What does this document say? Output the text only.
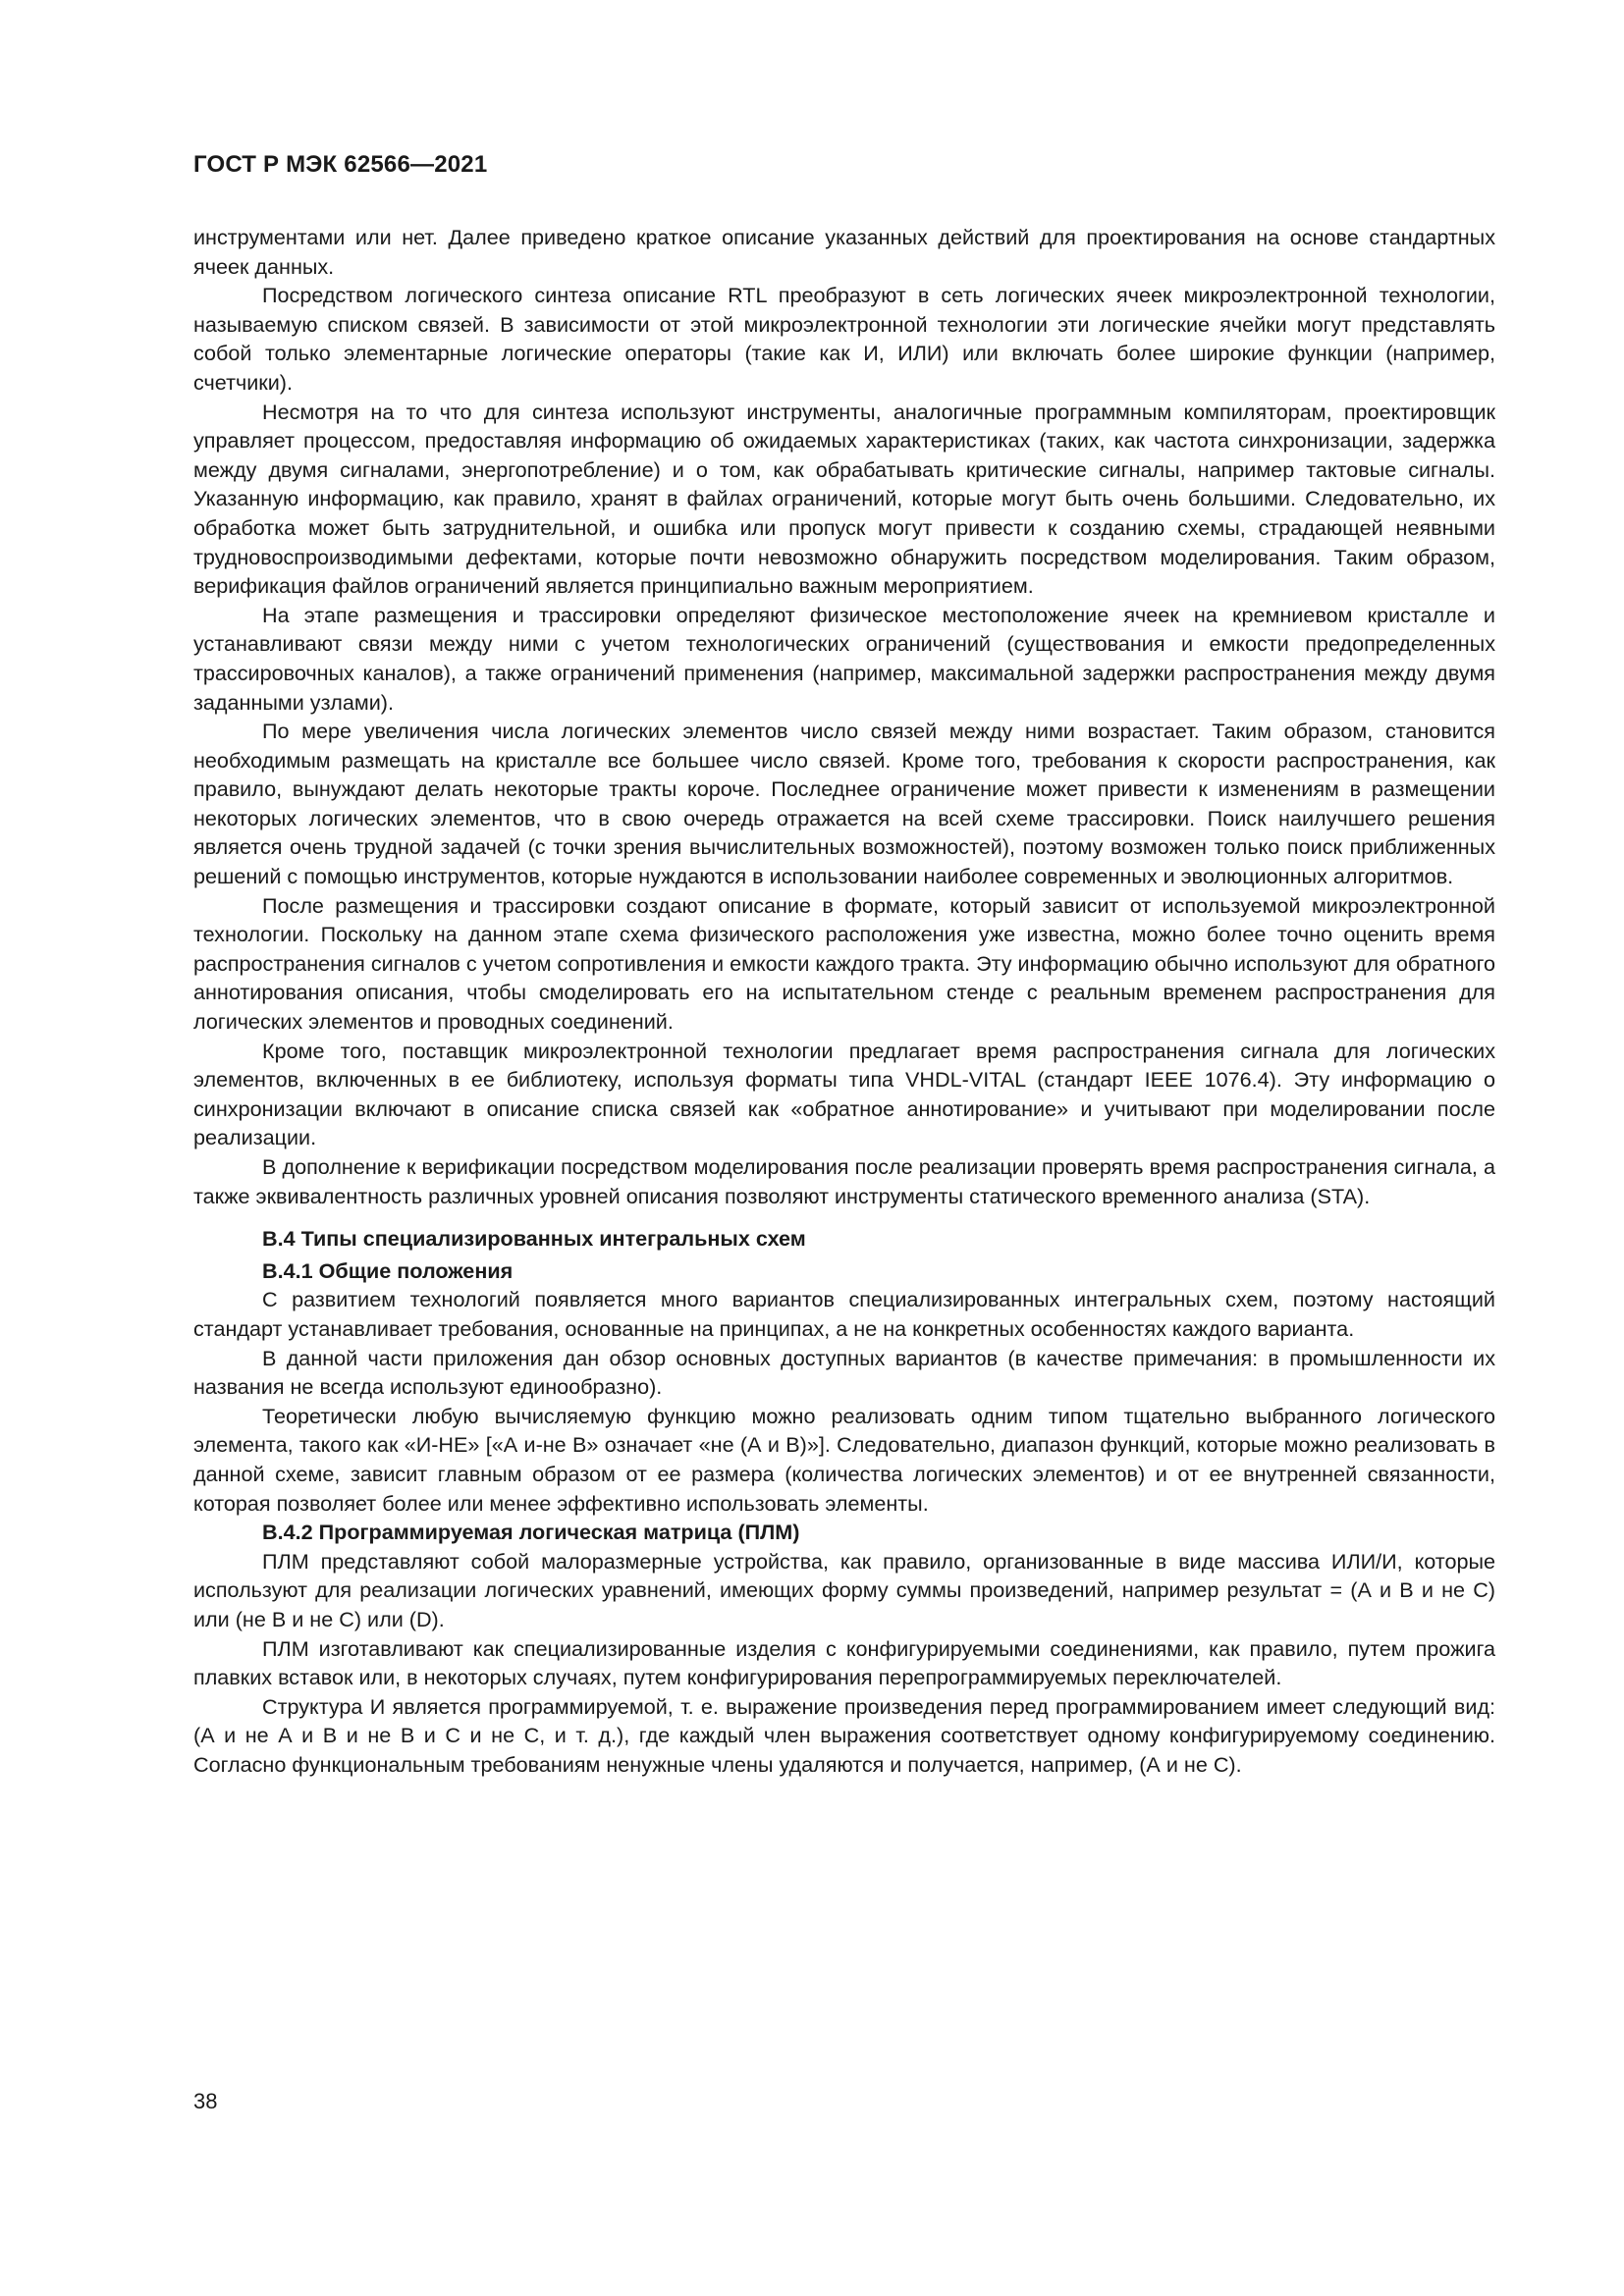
ГОСТ Р МЭК 62566—2021

инструментами или нет. Далее приведено краткое описание указанных действий для проектирования на основе стандартных ячеек данных.

Посредством логического синтеза описание RTL преобразуют в сеть логических ячеек микроэлектронной технологии, называемую списком связей. В зависимости от этой микроэлектронной технологии эти логические ячейки могут представлять собой только элементарные логические операторы (такие как И, ИЛИ) или включать более широкие функции (например, счетчики).

Несмотря на то что для синтеза используют инструменты, аналогичные программным компиляторам, проектировщик управляет процессом, предоставляя информацию об ожидаемых характеристиках (таких, как частота синхронизации, задержка между двумя сигналами, энергопотребление) и о том, как обрабатывать критические сигналы, например тактовые сигналы. Указанную информацию, как правило, хранят в файлах ограничений, которые могут быть очень большими. Следовательно, их обработка может быть затруднительной, и ошибка или пропуск могут привести к созданию схемы, страдающей неявными трудновоспроизводимыми дефектами, которые почти невозможно обнаружить посредством моделирования. Таким образом, верификация файлов ограничений является принципиально важным мероприятием.

На этапе размещения и трассировки определяют физическое местоположение ячеек на кремниевом кристалле и устанавливают связи между ними с учетом технологических ограничений (существования и емкости предопределенных трассировочных каналов), а также ограничений применения (например, максимальной задержки распространения между двумя заданными узлами).

По мере увеличения числа логических элементов число связей между ними возрастает. Таким образом, становится необходимым размещать на кристалле все большее число связей. Кроме того, требования к скорости распространения, как правило, вынуждают делать некоторые тракты короче. Последнее ограничение может привести к изменениям в размещении некоторых логических элементов, что в свою очередь отражается на всей схеме трассировки. Поиск наилучшего решения является очень трудной задачей (с точки зрения вычислительных возможностей), поэтому возможен только поиск приближенных решений с помощью инструментов, которые нуждаются в использовании наиболее современных и эволюционных алгоритмов.

После размещения и трассировки создают описание в формате, который зависит от используемой микроэлектронной технологии. Поскольку на данном этапе схема физического расположения уже известна, можно более точно оценить время распространения сигналов с учетом сопротивления и емкости каждого тракта. Эту информацию обычно используют для обратного аннотирования описания, чтобы смоделировать его на испытательном стенде с реальным временем распространения для логических элементов и проводных соединений.

Кроме того, поставщик микроэлектронной технологии предлагает время распространения сигнала для логических элементов, включенных в ее библиотеку, используя форматы типа VHDL-VITAL (стандарт IEEE 1076.4). Эту информацию о синхронизации включают в описание списка связей как «обратное аннотирование» и учитывают при моделировании после реализации.

В дополнение к верификации посредством моделирования после реализации проверять время распространения сигнала, а также эквивалентность различных уровней описания позволяют инструменты статического временного анализа (STA).

В.4 Типы специализированных интегральных схем
В.4.1 Общие положения

С развитием технологий появляется много вариантов специализированных интегральных схем, поэтому настоящий стандарт устанавливает требования, основанные на принципах, а не на конкретных особенностях каждого варианта.

В данной части приложения дан обзор основных доступных вариантов (в качестве примечания: в промышленности их названия не всегда используют единообразно).

Теоретически любую вычисляемую функцию можно реализовать одним типом тщательно выбранного логического элемента, такого как «И-НЕ» [«А и-не В» означает «не (А и В)»]. Следовательно, диапазон функций, которые можно реализовать в данной схеме, зависит главным образом от ее размера (количества логических элементов) и от ее внутренней связанности, которая позволяет более или менее эффективно использовать элементы.

В.4.2 Программируемая логическая матрица (ПЛМ)

ПЛМ представляют собой малоразмерные устройства, как правило, организованные в виде массива ИЛИ/И, которые используют для реализации логических уравнений, имеющих форму суммы произведений, например результат = (А и В и не С) или (не В и не С) или (D).

ПЛМ изготавливают как специализированные изделия с конфигурируемыми соединениями, как правило, путем прожига плавких вставок или, в некоторых случаях, путем конфигурирования перепрограммируемых переключателей.

Структура И является программируемой, т. е. выражение произведения перед программированием имеет следующий вид: (А и не А и В и не В и С и не С, и т. д.), где каждый член выражения соответствует одному конфигурируемому соединению. Согласно функциональным требованиям ненужные члены удаляются и получается, например, (А и не С).

38
